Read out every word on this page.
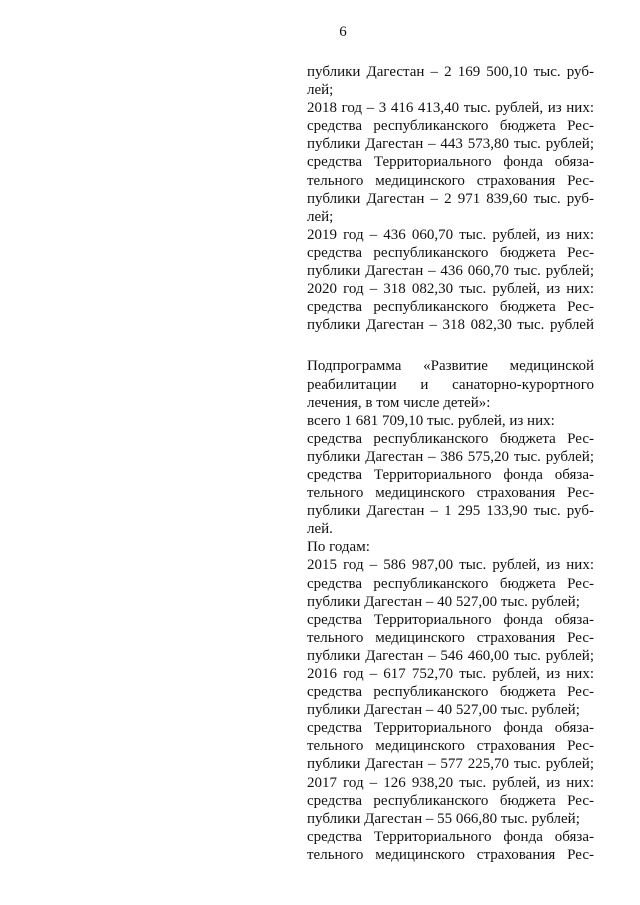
6
публики Дагестан – 2 169 500,10 тыс. руб-
лей;
2018 год – 3 416 413,40 тыс. рублей, из них:
средства республиканского бюджета Рес-
публики Дагестан – 443 573,80 тыс. рублей;
средства Территориального фонда обяза-
тельного медицинского страхования Рес-
публики Дагестан – 2 971 839,60 тыс. руб-
лей;
2019 год – 436 060,70 тыс. рублей, из них:
средства республиканского бюджета Рес-
публики Дагестан – 436 060,70 тыс. рублей;
2020 год – 318 082,30 тыс. рублей, из них:
средства республиканского бюджета Рес-
публики Дагестан – 318 082,30 тыс. рублей
Подпрограмма «Развитие медицинской
реабилитации и санаторно-курортного
лечения, в том числе детей»:
всего 1 681 709,10 тыс. рублей, из них:
средства республиканского бюджета Рес-
публики Дагестан – 386 575,20 тыс. рублей;
средства Территориального фонда обяза-
тельного медицинского страхования Рес-
публики Дагестан – 1 295 133,90 тыс. руб-
лей.
По годам:
2015 год – 586 987,00 тыс. рублей, из них:
средства республиканского бюджета Рес-
публики Дагестан – 40 527,00 тыс. рублей;
средства Территориального фонда обяза-
тельного медицинского страхования Рес-
публики Дагестан – 546 460,00 тыс. рублей;
2016 год – 617 752,70 тыс. рублей, из них:
средства республиканского бюджета Рес-
публики Дагестан – 40 527,00 тыс. рублей;
средства Территориального фонда обяза-
тельного медицинского страхования Рес-
публики Дагестан – 577 225,70 тыс. рублей;
2017 год – 126 938,20 тыс. рублей, из них:
средства республиканского бюджета Рес-
публики Дагестан – 55 066,80 тыс. рублей;
средства Территориального фонда обяза-
тельного медицинского страхования Рес-
